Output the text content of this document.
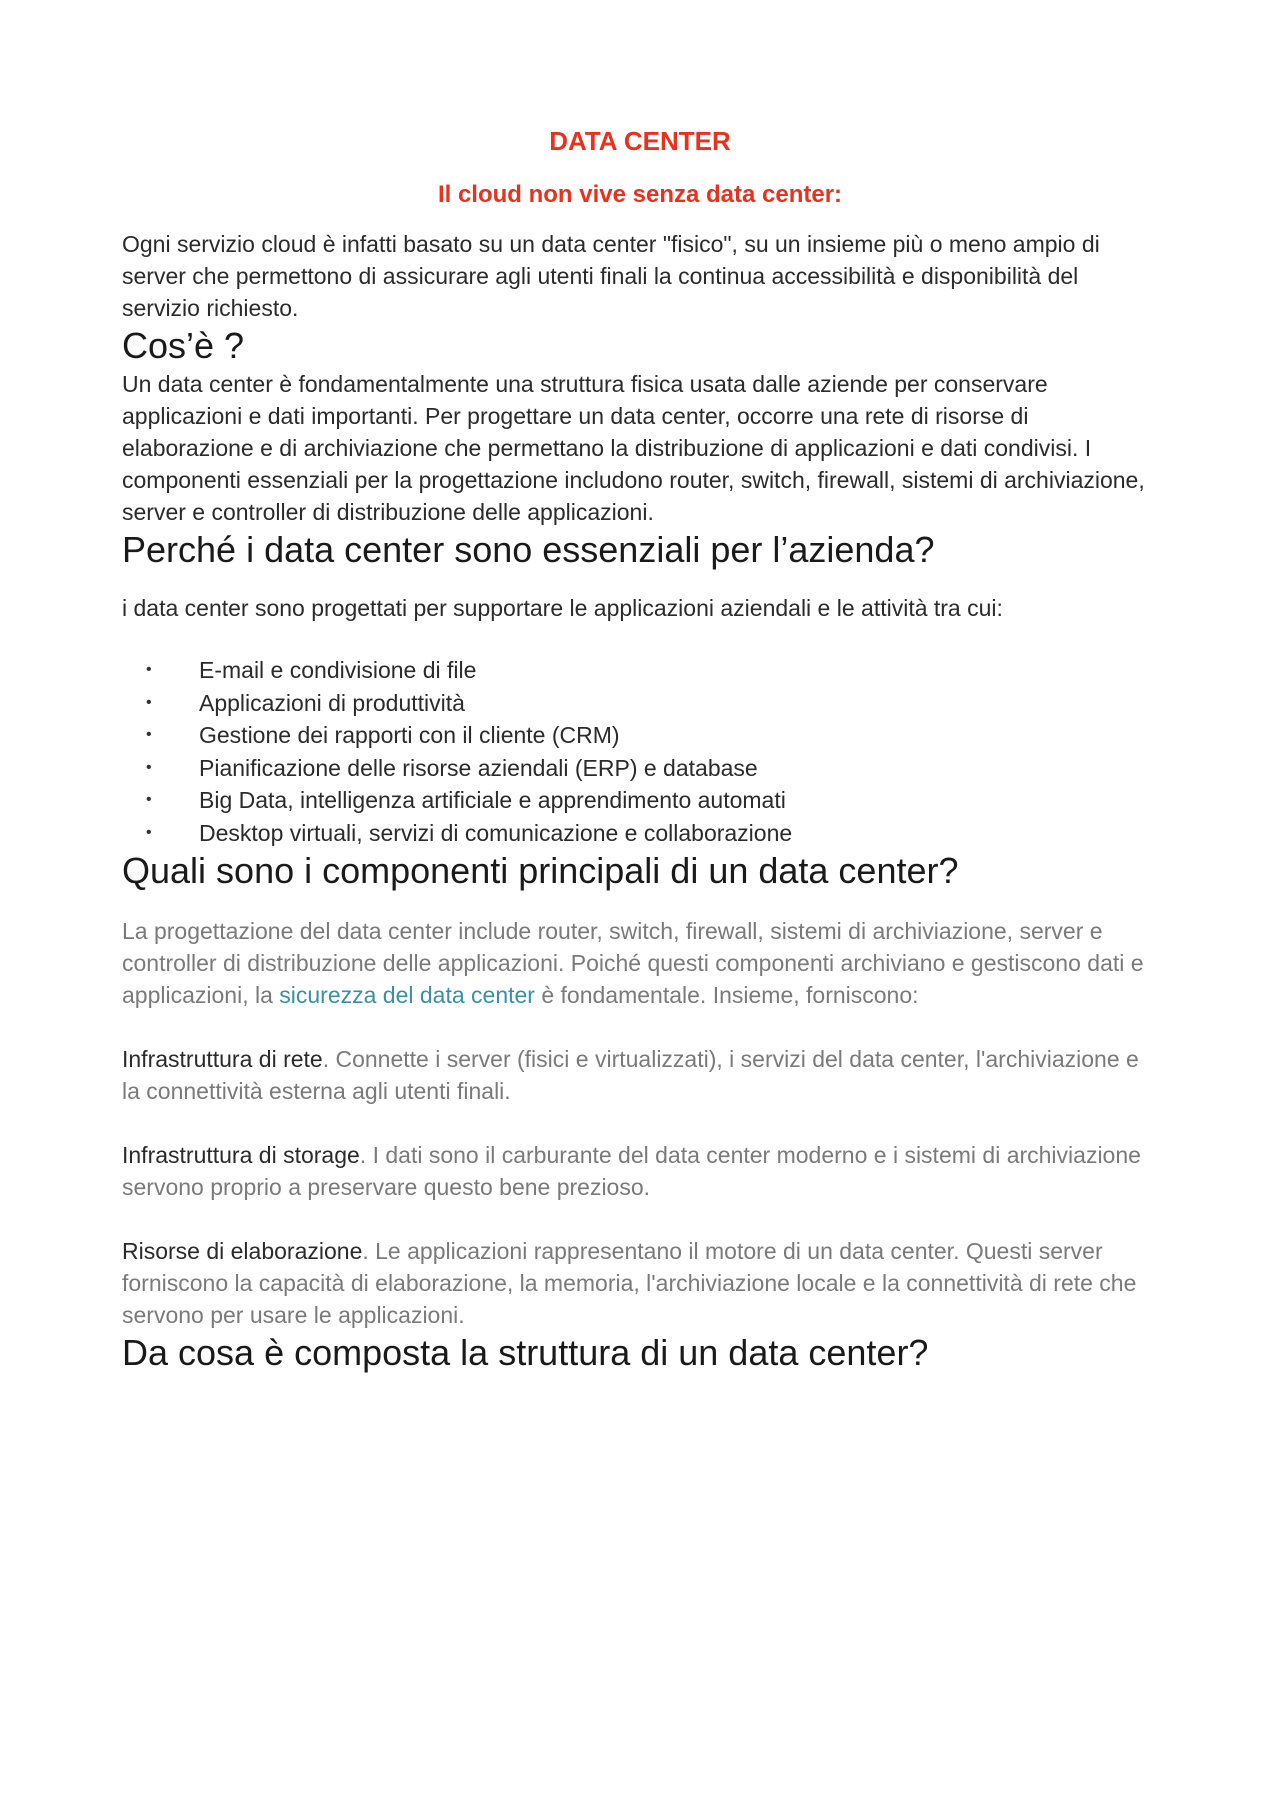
DATA CENTER
Il cloud non vive senza data center:

Ogni servizio cloud è infatti basato su un data center "fisico", su un insieme più o meno ampio di server che permettono di assicurare agli utenti finali la continua accessibilità e disponibilità del servizio richiesto.

Cos’è ?

Un data center è fondamentalmente una struttura fisica usata dalle aziende per conservare applicazioni e dati importanti. Per progettare un data center, occorre una rete di risorse di elaborazione e di archiviazione che permettano la distribuzione di applicazioni e dati condivisi. I componenti essenziali per la progettazione includono router, switch, firewall, sistemi di archiviazione, server e controller di distribuzione delle applicazioni.

Perché i data center sono essenziali per l’azienda?

i data center sono progettati per supportare le applicazioni aziendali e le attività tra cui:

• E-mail e condivisione di file
• Applicazioni di produttività
• Gestione dei rapporti con il cliente (CRM)
• Pianificazione delle risorse aziendali (ERP) e database
• Big Data, intelligenza artificiale e apprendimento automati
• Desktop virtuali, servizi di comunicazione e collaborazione
Quali sono i componenti principali di un data center?

La progettazione del data center include router, switch, firewall, sistemi di archiviazione, server e controller di distribuzione delle applicazioni. Poiché questi componenti archiviano e gestiscono dati e applicazioni, la sicurezza del data center è fondamentale. Insieme, forniscono:

Infrastruttura di rete. Connette i server (fisici e virtualizzati), i servizi del data center, l'archiviazione e la connettività esterna agli utenti finali.

Infrastruttura di storage. I dati sono il carburante del data center moderno e i sistemi di archiviazione servono proprio a preservare questo bene prezioso.

Risorse di elaborazione. Le applicazioni rappresentano il motore di un data center. Questi server forniscono la capacità di elaborazione, la memoria, l'archiviazione locale e la connettività di rete che servono per usare le applicazioni.

Da cosa è composta la struttura di un data center?
